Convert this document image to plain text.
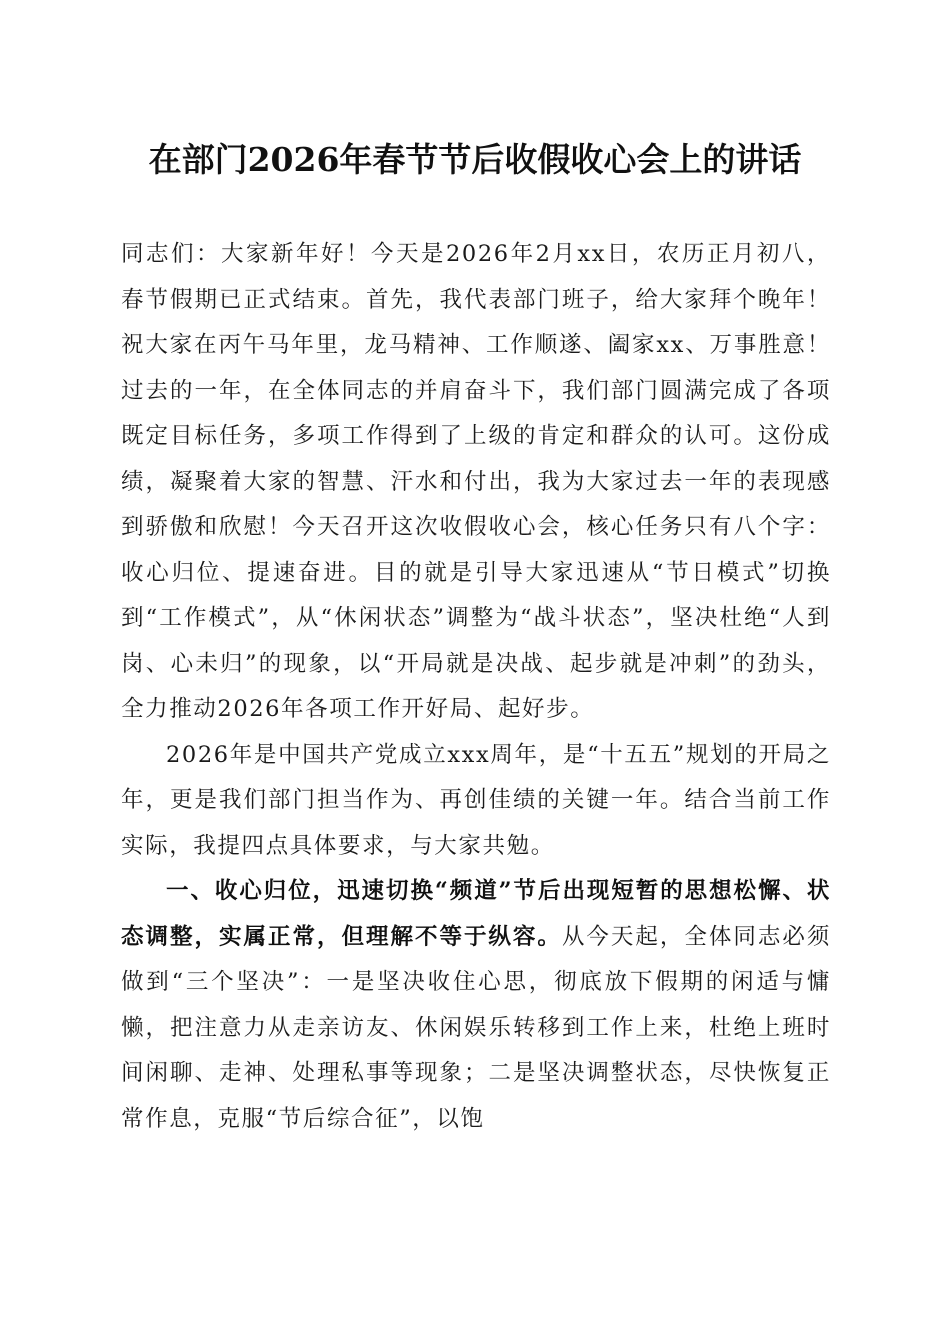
在部门2026年春节节后收假收心会上的讲话

同志们：大家新年好！今天是2026年2月xx日，农历正月初八，春节假期已正式结束。首先，我代表部门班子，给大家拜个晚年！祝大家在丙午马年里，龙马精神、工作顺遂、阖家xx、万事胜意！过去的一年，在全体同志的并肩奋斗下，我们部门圆满完成了各项既定目标任务，多项工作得到了上级的肯定和群众的认可。这份成绩，凝聚着大家的智慧、汗水和付出，我为大家过去一年的表现感到骄傲和欣慰！今天召开这次收假收心会，核心任务只有八个字：收心归位、提速奋进。目的就是引导大家迅速从“节日模式”切换到“工作模式”，从“休闲状态”调整为“战斗状态”，坚决杜绝“人到岗、心未归”的现象，以“开局就是决战、起步就是冲刺”的劲头，全力推动2026年各项工作开好局、起好步。

2026年是中国共产党成立xxx周年，是“十五五”规划的开局之年，更是我们部门担当作为、再创佳绩的关键一年。结合当前工作实际，我提四点具体要求，与大家共勉。

一、收心归位，迅速切换“频道”节后出现短暂的思想松懈、状态调整，实属正常，但理解不等于纵容。从今天起，全体同志必须做到“三个坚决”：一是坚决收住心思，彻底放下假期的闲适与慵懒，把注意力从走亲访友、休闲娱乐转移到工作上来，杜绝上班时间闲聊、走神、处理私事等现象；二是坚决调整状态，尽快恢复正常作息，克服“节后综合征”，以饱
